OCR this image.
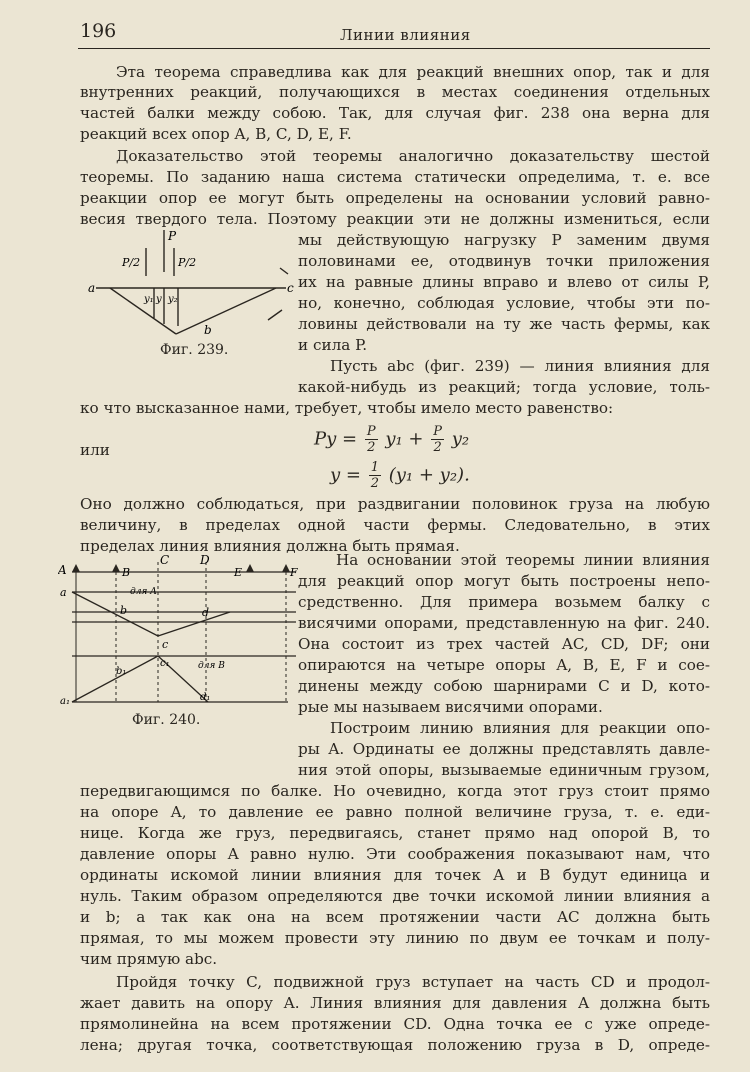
196	Линии влияния
Эта теорема справедлива как для реакций внешних опор, так и для
внутренних реакций, получающихся в местах соединения отдельных
частей балки между собою. Так, для случая фиг. 238 она верна для
реакций всех опор A, B, C, D, E, F.
Доказательство этой теоремы аналогично доказательству шестой
теоремы. По заданию наша система статически определима, т. е. все
реакции опор ее могут быть определены на основании условий равно-
весия твердого тела. Поэтому реакции эти не должны измениться, если
мы действующую нагрузку P заменим двумя
половинами ее, отодвинув точки приложения
их на равные длины вправо и влево от силы P,
но, конечно, соблюдая условие, чтобы эти по-
ловины действовали на ту же часть фермы, как
и сила P.
P
P/2	P/2
a	c
y₁ y y₂
b
Фиг. 239.
Пусть abc (фиг. 239) — линия влияния для
какой-нибудь из реакций; тогда условие, толь-
ко что высказанное нами, требует, чтобы имело место равенство:
$Py = \frac{P}{2} y_1 + \frac{P}{2} y_2$
или
$y = \frac{1}{2} (y_1 + y_2)$.
Оно должно соблюдаться, при раздвигании половинок груза на любую
величину, в пределах одной части фермы. Следовательно, в этих
пределах линия влияния должна быть прямая.
C	D
A	B	E	F
a	для A
b	d
c
c₁	для B
b₁
d₁
a₁
Фиг. 240.
На основании этой теоремы линии влияния
для реакций опор могут быть построены непо-
средственно. Для примера возьмем балку с
висячими опорами, представленную на фиг. 240.
Она состоит из трех частей AC, CD, DF; они
опираются на четыре опоры A, B, E, F и сое-
динены между собою шарнирами C и D, кото-
рые мы называем висячими опорами.
Построим линию влияния для реакции опо-
ры A. Ординаты ее должны представлять давле-
ния этой опоры, вызываемые единичным грузом,
передвигающимся по балке. Но очевидно, когда этот груз стоит прямо
на опоре A, то давление ее равно полной величине груза, т. е. еди-
нице. Когда же груз, передвигаясь, станет прямо над опорой B, то
давление опоры A равно нулю. Эти соображения показывают нам, что
ординаты искомой линии влияния для точек A и B будут единица и
нуль. Таким образом определяются две точки искомой линии влияния a
и b; а так как она на всем протяжении части AC должна быть
прямая, то мы можем провести эту линию по двум ее точкам и полу-
чим прямую abc.
Пройдя точку C, подвижной груз вступает на часть CD и продол-
жает давить на опору A. Линия влияния для давления A должна быть
прямолинейна на всем протяжении CD. Одна точка ее c уже опреде-
лена; другая точка, соответствующая положению груза в D, опреде-
